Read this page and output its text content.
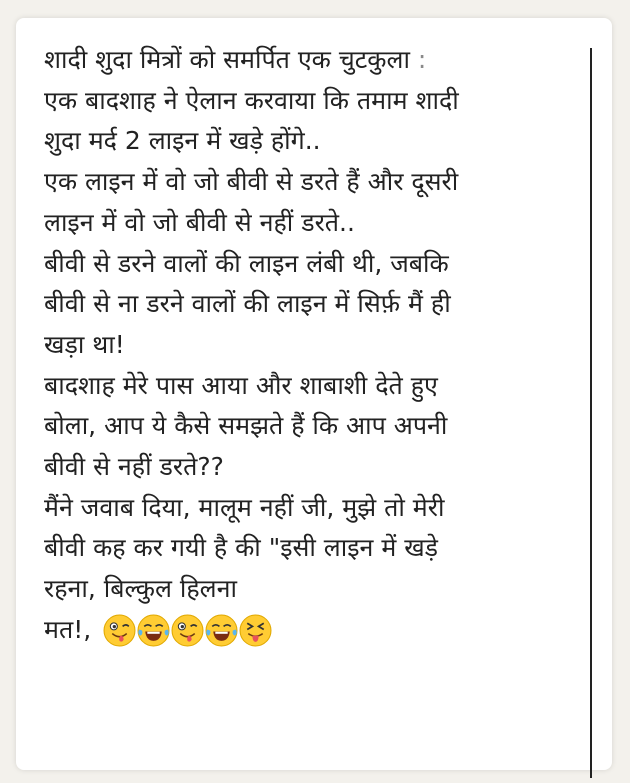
शादी शुदा मित्रों को समर्पित एक चुटकुला :
एक बादशाह ने ऐलान करवाया कि तमाम शादी
शुदा मर्द 2 लाइन में खड़े होंगे..
एक लाइन में वो जो बीवी से डरते हैं और दूसरी
लाइन में वो जो बीवी से नहीं डरते..
बीवी से डरने वालों की लाइन लंबी थी, जबकि
बीवी से ना डरने वालों की लाइन में सिर्फ़ मैं ही
खड़ा था!
बादशाह मेरे पास आया और शाबाशी देते हुए
बोला, आप ये कैसे समझते हैं कि आप अपनी
बीवी से नहीं डरते??
मैंने जवाब दिया, मालूम नहीं जी, मुझे तो मेरी
बीवी कह कर गयी है की "इसी लाइन में खड़े
रहना, बिल्कुल हिलना
मत!,
